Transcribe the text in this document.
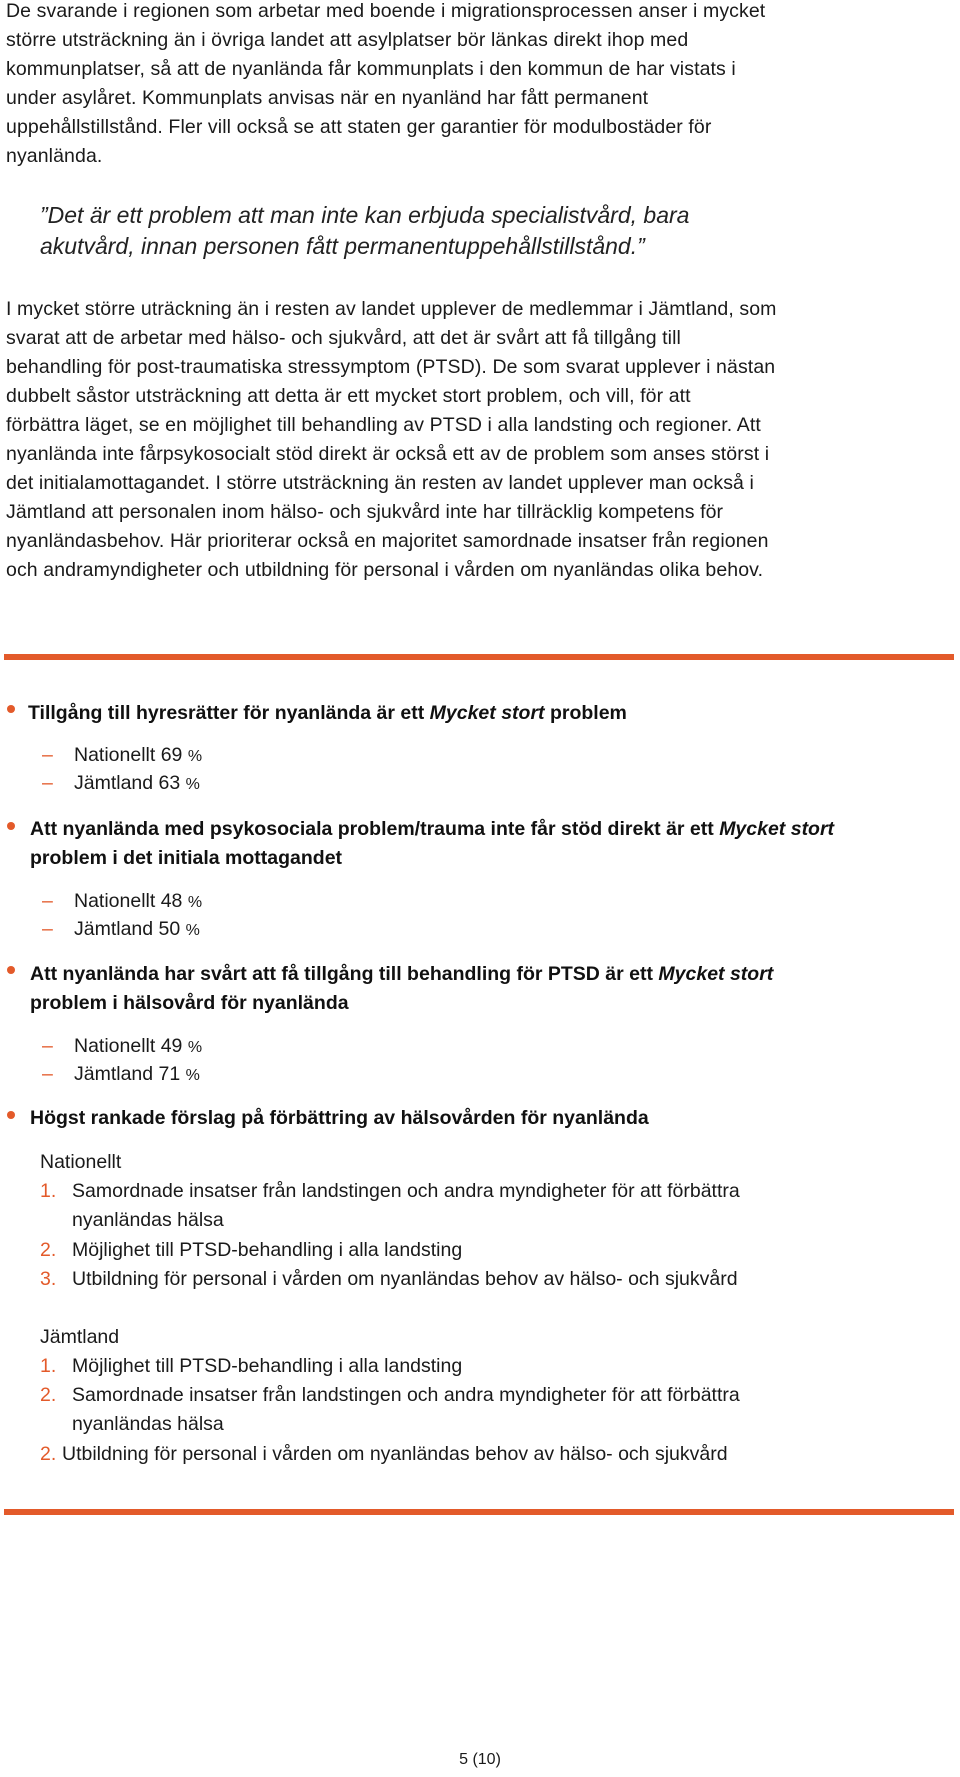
De svarande i regionen som arbetar med boende i migrationsprocessen anser i mycket

större utsträckning än i övriga landet att asylplatser bör länkas direkt ihop med

kommunplatser, så att de nyanlända får kommunplats i den kommun de har vistats i

under asylåret. Kommunplats anvisas när en nyanländ har fått permanent

uppehållstillstånd. Fler vill också se att staten ger garantier för modulbostäder för

nyanlända.

”Det är ett problem att man inte kan erbjuda specialistvård, bara
akutvård, innan personen fått permanentuppehållstillstånd.”

I mycket större uträckning än i resten av landet upplever de medlemmar i Jämtland, som

svarat att de arbetar med hälso- och sjukvård, att det är svårt att få tillgång till

behandling för post-traumatiska stressymptom (PTSD). De som svarat upplever i nästan

dubbelt såstor utsträckning att detta är ett mycket stort problem, och vill, för att

förbättra läget, se en möjlighet till behandling av PTSD i alla landsting och regioner. Att

nyanlända inte fårpsykosocialt stöd direkt är också ett av de problem som anses störst i

det initialamottagandet. I större utsträckning än resten av landet upplever man också i

Jämtland att personalen inom hälso- och sjukvård inte har tillräcklig kompetens för

nyanländasbehov. Här prioriterar också en majoritet samordnade insatser från regionen

och andramyndigheter och utbildning för personal i vården om nyanländas olika behov.

Tillgång till hyresrätter för nyanlända är ett Mycket stort problem
– Nationellt 69 %
– Jämtland 63 %
Att nyanlända med psykosociala problem/trauma inte får stöd direkt är ett Mycket stort
problem i det initiala mottagandet
– Nationellt 48 %
– Jämtland 50 %
Att nyanlända har svårt att få tillgång till behandling för PTSD är ett Mycket stort
problem i hälsovård för nyanlända
– Nationellt 49 %
– Jämtland 71 %
Högst rankade förslag på förbättring av hälsovården för nyanlända
Nationellt
1. Samordnade insatser från landstingen och andra myndigheter för att förbättra
nyanländas hälsa
2. Möjlighet till PTSD-behandling i alla landsting
3. Utbildning för personal i vården om nyanländas behov av hälso- och sjukvård
Jämtland
1. Möjlighet till PTSD-behandling i alla landsting
2. Samordnade insatser från landstingen och andra myndigheter för att förbättra
nyanländas hälsa
2. Utbildning för personal i vården om nyanländas behov av hälso- och sjukvård
5 (10)
